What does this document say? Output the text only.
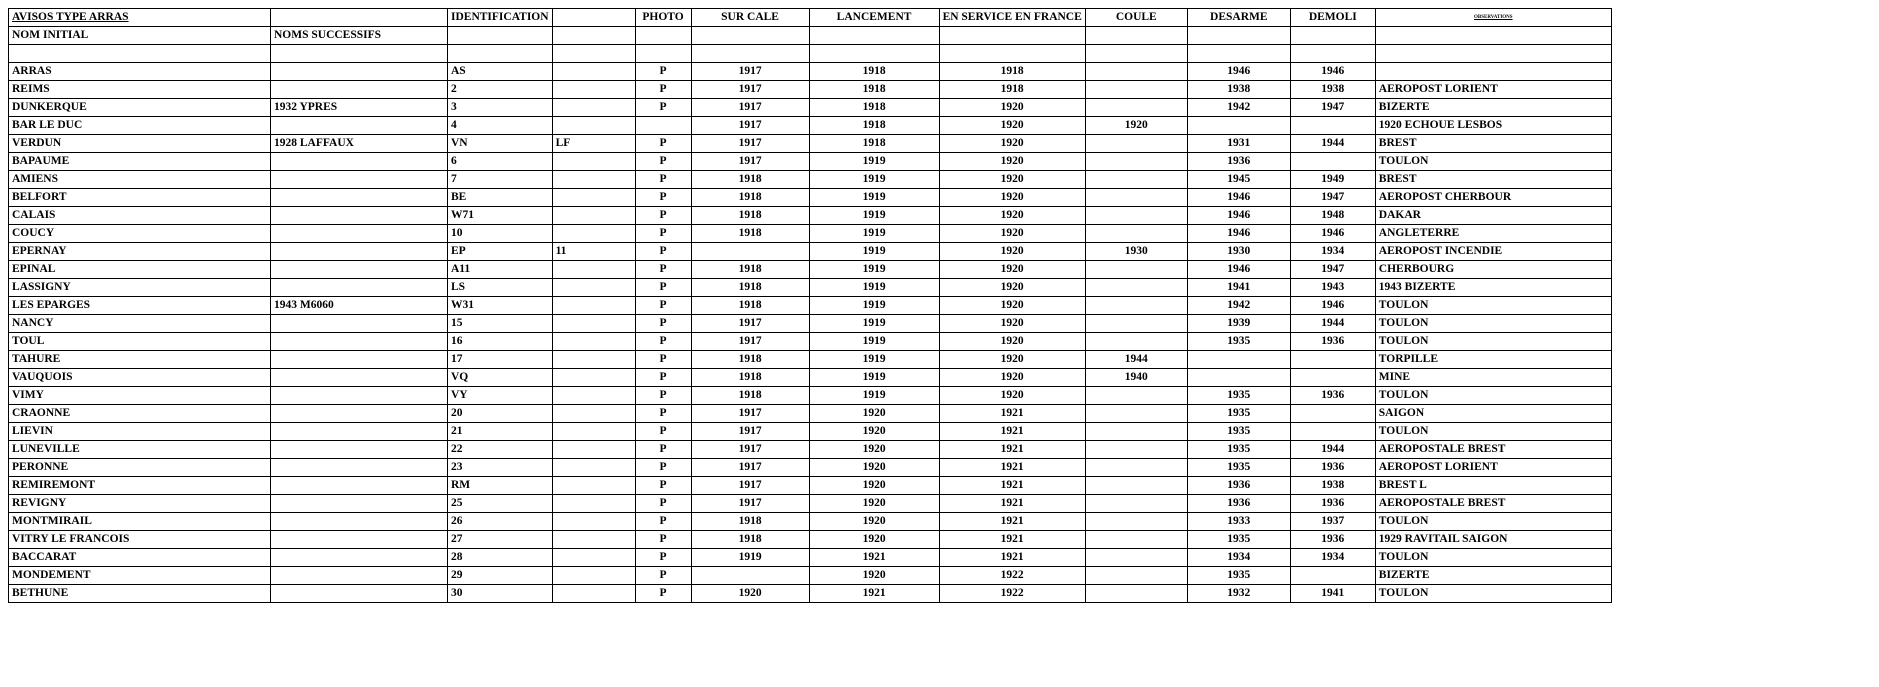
AVISOS TYPE ARRAS		IDENTIFICATION		PHOTO	SUR CALE	LANCEMENT	EN SERVICE EN FRANCE	COULE	DESARME	DEMOLI	OBSERVATIONS
NOM INITIAL	NOMS SUCCESSIFS										

ARRAS		AS		P	1917	1918	1918		1946	1946	
REIMS		2		P	1917	1918	1918		1938	1938	AEROPOST LORIENT
DUNKERQUE	1932 YPRES	3		P	1917	1918	1920		1942	1947	BIZERTE
BAR LE DUC		4			1917	1918	1920	1920			1920 ECHOUE LESBOS
VERDUN	1928 LAFFAUX	VN	LF	P	1917	1918	1920		1931	1944	BREST
BAPAUME		6		P	1917	1919	1920		1936		TOULON
AMIENS		7		P	1918	1919	1920		1945	1949	BREST
BELFORT		BE		P	1918	1919	1920		1946	1947	AEROPOST CHERBOUR
CALAIS		W71		P	1918	1919	1920		1946	1948	DAKAR
COUCY		10		P	1918	1919	1920		1946	1946	ANGLETERRE
EPERNAY		EP	11	P		1919	1920	1930	1930	1934	AEROPOST INCENDIE
EPINAL		A11		P	1918	1919	1920		1946	1947	CHERBOURG
LASSIGNY		LS		P	1918	1919	1920		1941	1943	1943 BIZERTE
LES EPARGES	1943 M6060	W31		P	1918	1919	1920		1942	1946	TOULON
NANCY		15		P	1917	1919	1920		1939	1944	TOULON
TOUL		16		P	1917	1919	1920		1935	1936	TOULON
TAHURE		17		P	1918	1919	1920	1944			TORPILLE
VAUQUOIS		VQ		P	1918	1919	1920	1940			MINE
VIMY		VY		P	1918	1919	1920		1935	1936	TOULON
CRAONNE		20		P	1917	1920	1921		1935		SAIGON
LIEVIN		21		P	1917	1920	1921		1935		TOULON
LUNEVILLE		22		P	1917	1920	1921		1935	1944	AEROPOSTALE BREST
PERONNE		23		P	1917	1920	1921		1935	1936	AEROPOST LORIENT
REMIREMONT		RM		P	1917	1920	1921		1936	1938	BREST L
REVIGNY		25		P	1917	1920	1921		1936	1936	AEROPOSTALE BREST
MONTMIRAIL		26		P	1918	1920	1921		1933	1937	TOULON
VITRY LE FRANCOIS		27		P	1918	1920	1921		1935	1936	1929 RAVITAIL SAIGON
BACCARAT		28		P	1919	1921	1921		1934	1934	TOULON
MONDEMENT		29		P		1920	1922		1935		BIZERTE
BETHUNE		30		P	1920	1921	1922		1932	1941	TOULON
